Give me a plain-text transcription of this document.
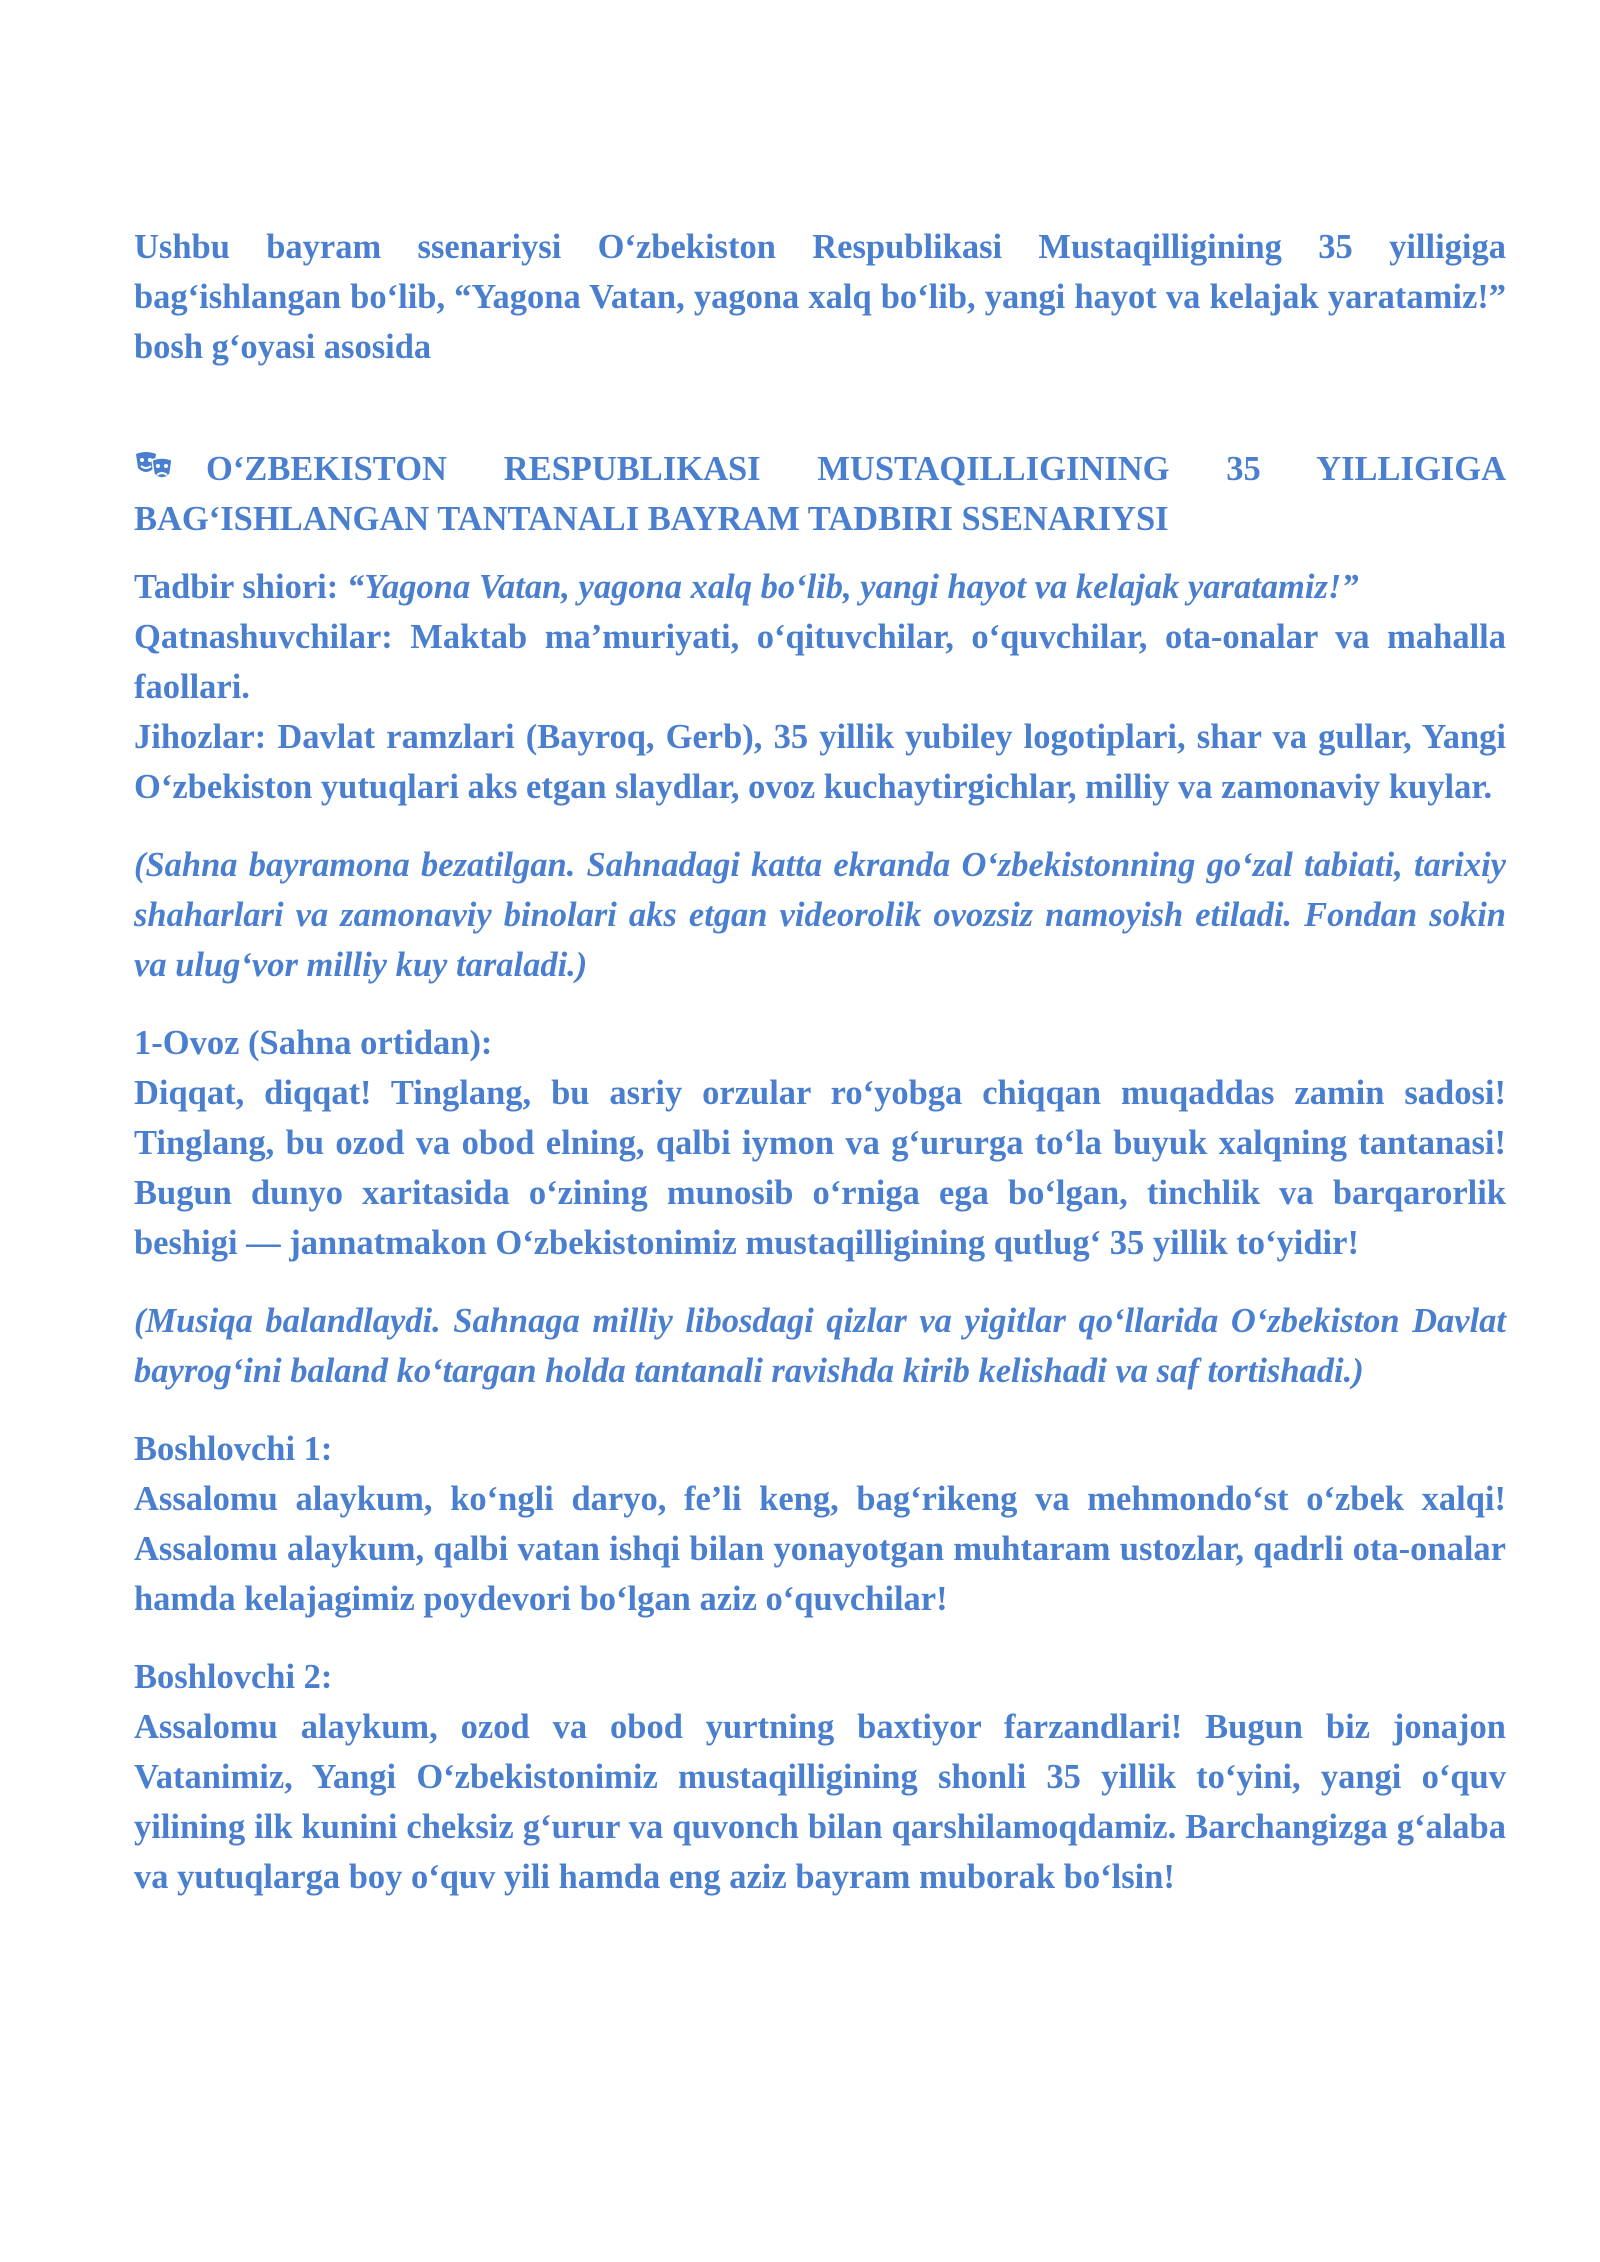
Ushbu bayram ssenariysi O‘zbekiston Respublikasi Mustaqilligining 35 yilligiga bag‘ishlangan bo‘lib, “Yagona Vatan, yagona xalq bo‘lib, yangi hayot va kelajak yaratamiz!” bosh g‘oyasi asosida

O‘ZBEKISTON RESPUBLIKASI MUSTAQILLIGINING 35 YILLIGIGA BAG‘ISHLANGAN TANTANALI BAYRAM TADBIRI SSENARIYSI

Tadbir shiori: “Yagona Vatan, yagona xalq bo‘lib, yangi hayot va kelajak yaratamiz!”

Qatnashuvchilar: Maktab ma’muriyati, o‘qituvchilar, o‘quvchilar, ota-onalar va mahalla faollari.

Jihozlar: Davlat ramzlari (Bayroq, Gerb), 35 yillik yubiley logotiplari, shar va gullar, Yangi O‘zbekiston yutuqlari aks etgan slaydlar, ovoz kuchaytirgichlar, milliy va zamonaviy kuylar.

(Sahna bayramona bezatilgan. Sahnadagi katta ekranda O‘zbekistonning go‘zal tabiati, tarixiy shaharlari va zamonaviy binolari aks etgan videorolik ovozsiz namoyish etiladi. Fondan sokin va ulug‘vor milliy kuy taraladi.)

1-Ovoz (Sahna ortidan):

Diqqat, diqqat! Tinglang, bu asriy orzular ro‘yobga chiqqan muqaddas zamin sadosi! Tinglang, bu ozod va obod elning, qalbi iymon va g‘ururga to‘la buyuk xalqning tantanasi! Bugun dunyo xaritasida o‘zining munosib o‘rniga ega bo‘lgan, tinchlik va barqarorlik beshigi — jannatmakon O‘zbekistonimiz mustaqilligining qutlug‘ 35 yillik to‘yidir!

(Musiqa balandlaydi. Sahnaga milliy libosdagi qizlar va yigitlar qo‘llarida O‘zbekiston Davlat bayrog‘ini baland ko‘targan holda tantanali ravishda kirib kelishadi va saf tortishadi.)

Boshlovchi 1:

Assalomu alaykum, ko‘ngli daryo, fe’li keng, bag‘rikeng va mehmondo‘st o‘zbek xalqi! Assalomu alaykum, qalbi vatan ishqi bilan yonayotgan muhtaram ustozlar, qadrli ota-onalar hamda kelajagimiz poydevori bo‘lgan aziz o‘quvchilar!

Boshlovchi 2:

Assalomu alaykum, ozod va obod yurtning baxtiyor farzandlari! Bugun biz jonajon Vatanimiz, Yangi O‘zbekistonimiz mustaqilligining shonli 35 yillik to‘yini, yangi o‘quv yilining ilk kunini cheksiz g‘urur va quvonch bilan qarshilamoqdamiz. Barchangizga g‘alaba va yutuqlarga boy o‘quv yili hamda eng aziz bayram muborak bo‘lsin!
